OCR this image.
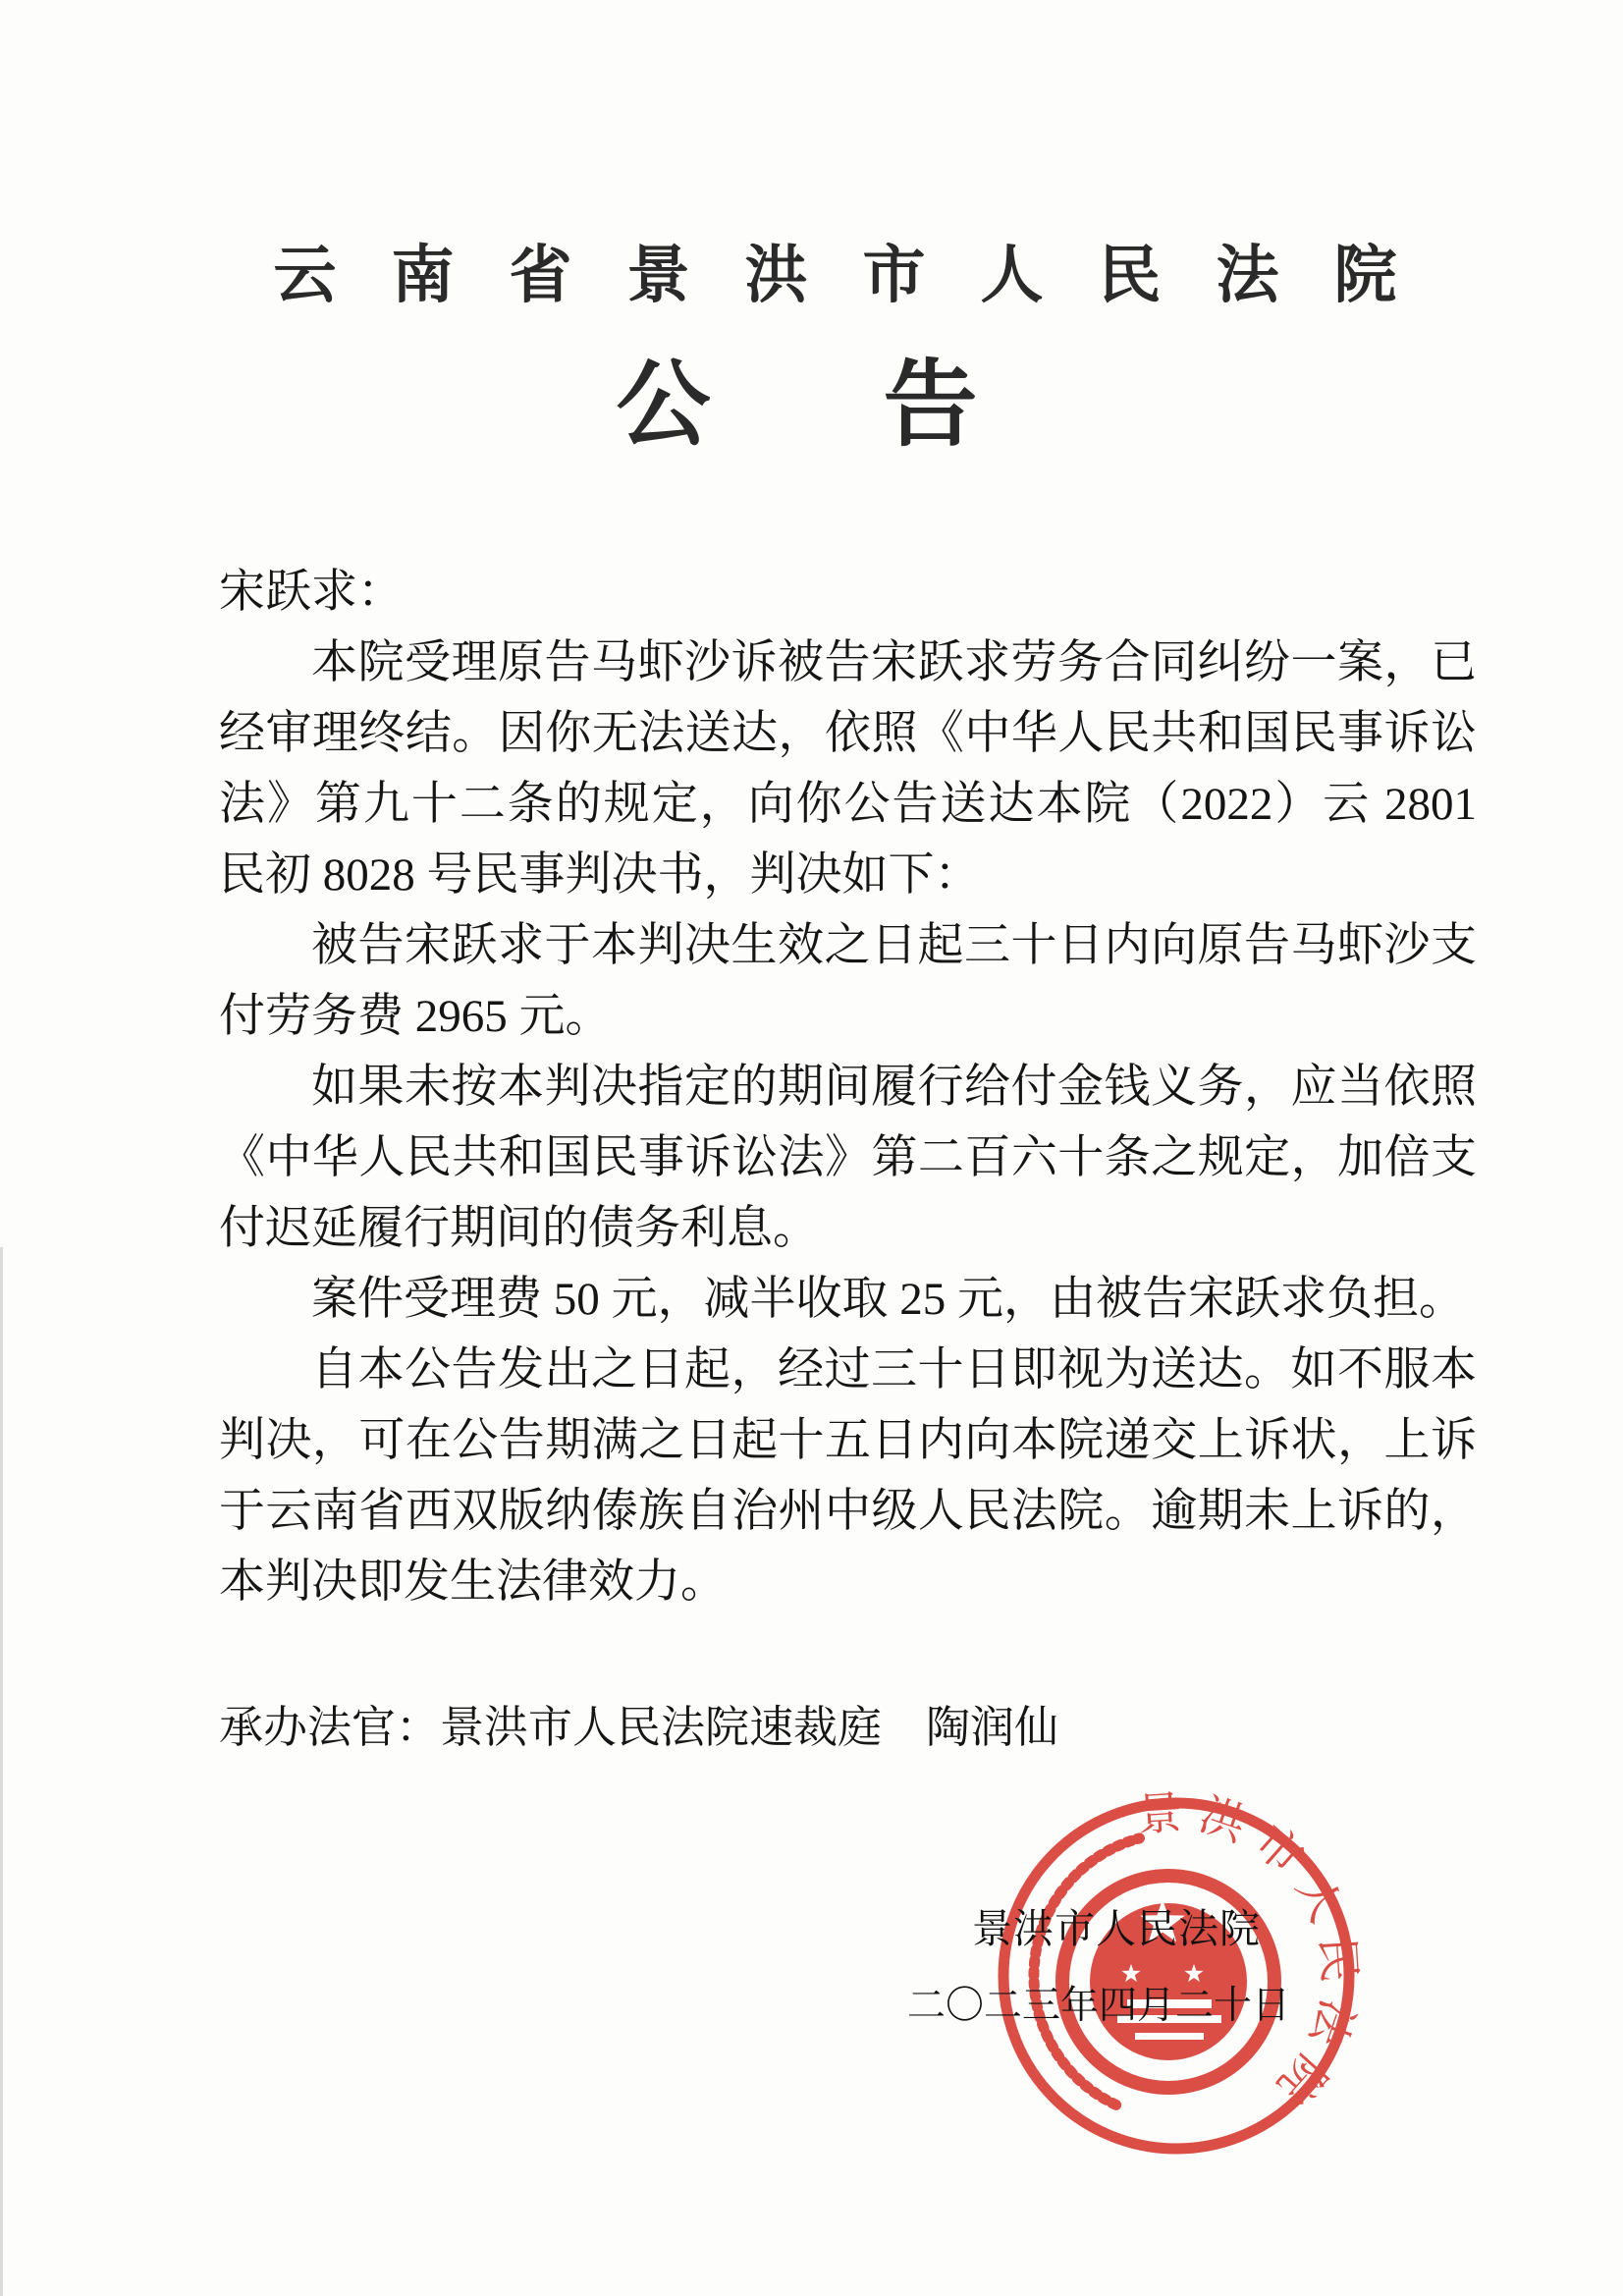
云南省景洪市人民法院
公告

宋跃求：

本院受理原告马虾沙诉被告宋跃求劳务合同纠纷一案，已经审理终结。因你无法送达，依照《中华人民共和国民事诉讼法》第九十二条的规定，向你公告送达本院（2022）云 2801 民初 8028 号民事判决书，判决如下：

被告宋跃求于本判决生效之日起三十日内向原告马虾沙支付劳务费 2965 元。

如果未按本判决指定的期间履行给付金钱义务，应当依照《中华人民共和国民事诉讼法》第二百六十条之规定，加倍支付迟延履行期间的债务利息。

案件受理费 50 元，减半收取 25 元，由被告宋跃求负担。

自本公告发出之日起，经过三十日即视为送达。如不服本判决，可在公告期满之日起十五日内向本院递交上诉状，上诉于云南省西双版纳傣族自治州中级人民法院。逾期未上诉的，本判决即发生法律效力。

承办法官：景洪市人民法院速裁庭　陶润仙
景洪市人民法院
景洪市人民法院
二〇二三年四月二十日
